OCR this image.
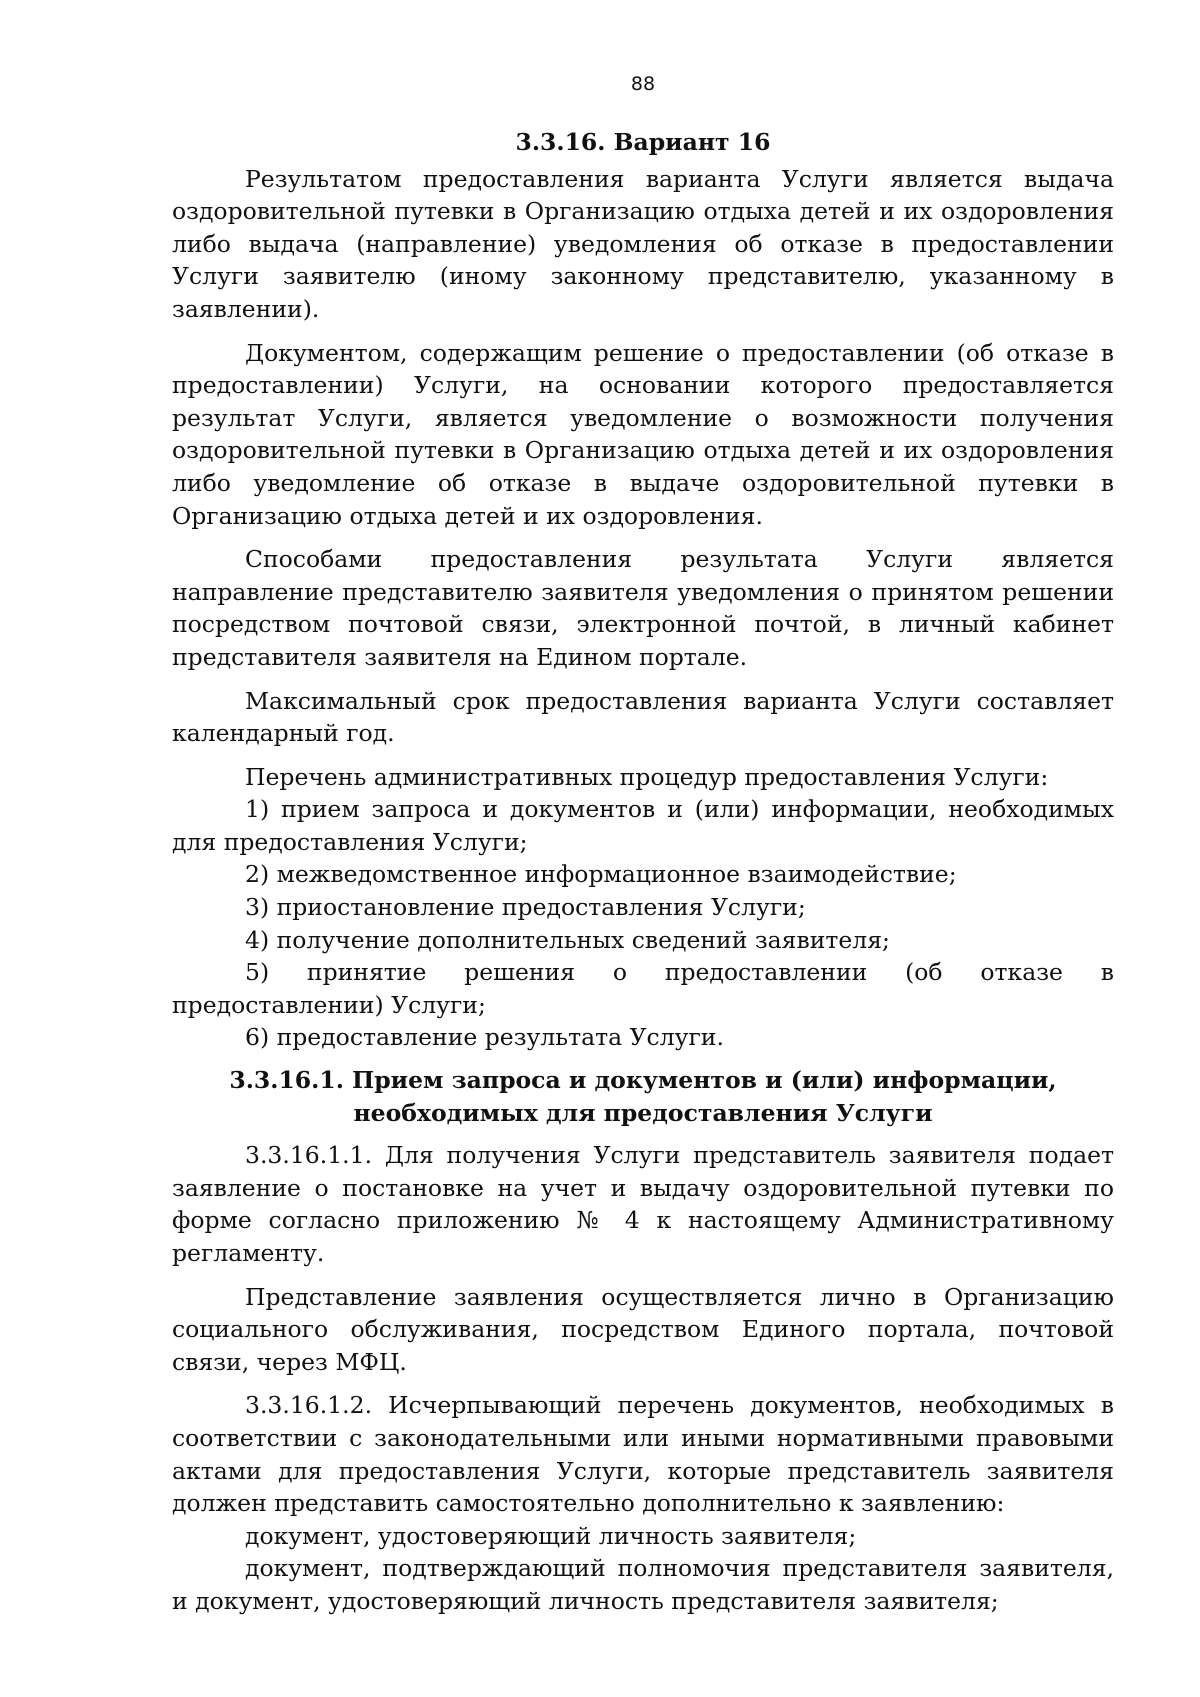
88
3.3.16. Вариант 16

Результатом предоставления варианта Услуги является выдача оздоровительной путевки в Организацию отдыха детей и их оздоровления либо выдача (направление) уведомления об отказе в предоставлении Услуги заявителю (иному законному представителю, указанному в заявлении).

Документом, содержащим решение о предоставлении (об отказе в предоставлении) Услуги, на основании которого предоставляется результат Услуги, является уведомление о возможности получения оздоровительной путевки в Организацию отдыха детей и их оздоровления либо уведомление об отказе в выдаче оздоровительной путевки в Организацию отдыха детей и их оздоровления.

Способами предоставления результата Услуги является направление представителю заявителя уведомления о принятом решении посредством почтовой связи, электронной почтой, в личный кабинет представителя заявителя на Едином портале.

Максимальный срок предоставления варианта Услуги составляет календарный год.

Перечень административных процедур предоставления Услуги:

1) прием запроса и документов и (или) информации, необходимых для предоставления Услуги;
2) межведомственное информационное взаимодействие;
3) приостановление предоставления Услуги;
4) получение дополнительных сведений заявителя;
5) принятие решения о предоставлении (об отказе в предоставлении) Услуги;
6) предоставление результата Услуги.
3.3.16.1. Прием запроса и документов и (или) информации, необходимых для предоставления Услуги

3.3.16.1.1. Для получения Услуги представитель заявителя подает заявление о постановке на учет и выдачу оздоровительной путевки по форме согласно приложению № 4 к настоящему Административному регламенту.

Представление заявления осуществляется лично в Организацию социального обслуживания, посредством Единого портала, почтовой связи, через МФЦ.

3.3.16.1.2. Исчерпывающий перечень документов, необходимых в соответствии с законодательными или иными нормативными правовыми актами для предоставления Услуги, которые представитель заявителя должен представить самостоятельно дополнительно к заявлению:

документ, удостоверяющий личность заявителя;
документ, подтверждающий полномочия представителя заявителя, и документ, удостоверяющий личность представителя заявителя;
